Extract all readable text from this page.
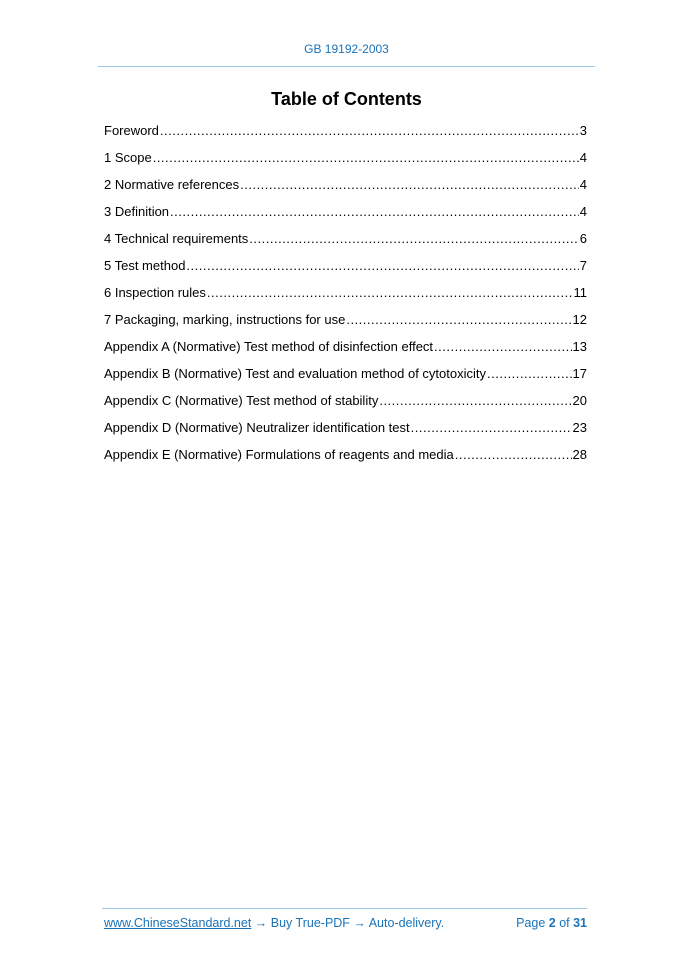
GB 19192-2003
Table of Contents
Foreword .....	3
1 Scope .....	4
2 Normative references .....	4
3 Definition .....	4
4 Technical requirements .....	6
5 Test method .....	7
6 Inspection rules .....	11
7 Packaging, marking, instructions for use .....	12
Appendix A (Normative) Test method of disinfection effect .....	13
Appendix B (Normative) Test and evaluation method of cytotoxicity .....	17
Appendix C (Normative) Test method of stability .....	20
Appendix D (Normative) Neutralizer identification test .....	23
Appendix E (Normative) Formulations of reagents and media .....	28
www.ChineseStandard.net → Buy True-PDF → Auto-delivery.	Page 2 of 31
